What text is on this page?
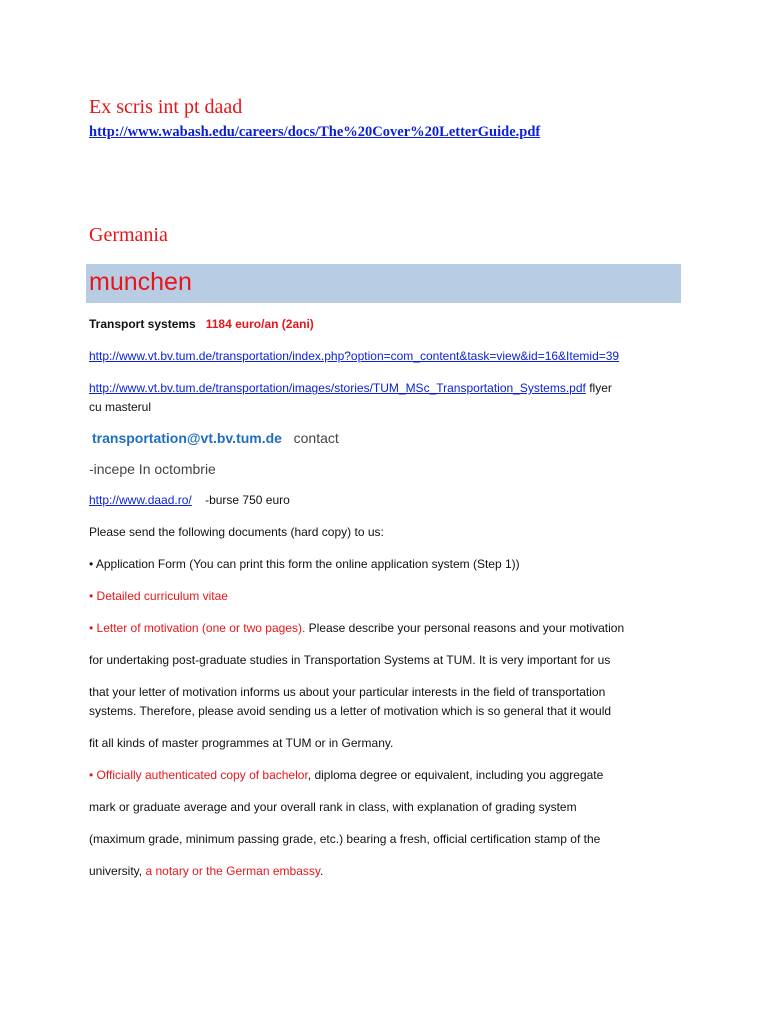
Ex scris int pt daad

http://www.wabash.edu/careers/docs/The%20Cover%20LetterGuide.pdf

Germania

munchen

Transport systems 1184 euro/an (2ani)

http://www.vt.bv.tum.de/transportation/index.php?option=com_content&task=view&id=16&Itemid=39

http://www.vt.bv.tum.de/transportation/images/stories/TUM_MSc_Transportation_Systems.pdf flyer

cu masterul

transportation@vt.bv.tum.de contact

-incepe In octombrie

http://www.daad.ro/ -burse 750 euro

Please send the following documents (hard copy) to us:

• Application Form (You can print this form the online application system (Step 1))

• Detailed curriculum vitae

• Letter of motivation (one or two pages). Please describe your personal reasons and your motivation

for undertaking post-graduate studies in Transportation Systems at TUM. It is very important for us

that your letter of motivation informs us about your particular interests in the field of transportation

systems. Therefore, please avoid sending us a letter of motivation which is so general that it would

fit all kinds of master programmes at TUM or in Germany.

• Officially authenticated copy of bachelor, diploma degree or equivalent, including you aggregate

mark or graduate average and your overall rank in class, with explanation of grading system

(maximum grade, minimum passing grade, etc.) bearing a fresh, official certification stamp of the

university, a notary or the German embassy.
